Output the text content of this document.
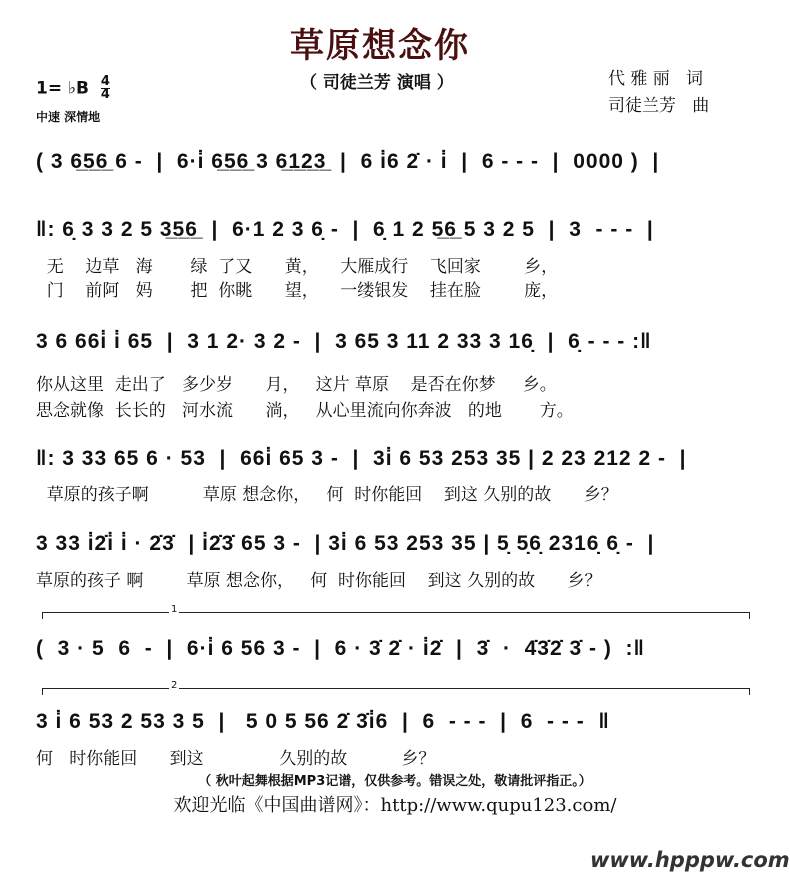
草原想念你
（ 司徒兰芳 演唱 ）	代 雅 丽   词
司徒兰芳   曲
1= ♭B $\frac{4}{4}$
中速 深情地
( 3 6̲5̲6̲ 6 -  |  6·i̇ 6̲5̲6̲ 3 6̲1̲2̲3̲  |  6 i̇6 2̇ · i̇  |  6 - - -  |  0000 )  |
‖: 6̣ 3 3 2 5 3̲5̲6̲  |  6·1 2 3 6̣ -  |  6̣ 1 2 5̲6̲ 5 3 2 5  |  3  - - -  |
无    边草   海       绿  了又      黄，    大雁成行    飞回家        乡，
门    前阿   妈       把  你眺      望，    一缕银发    挂在脸        庞，
3 6 66i̇ i̇ 65  |  3 1 2· 3 2 -  |  3 65 3 11 2 33 3 16̣  |  6̣ - - - :‖
你从这里  走出了   多少岁      月，   这片 草原    是否在你梦     乡。
思念就像  长长的   河水流      淌，   从心里流向你奔波   的地       方。
‖: 3 33 65 6 · 53  |  66i̇ 65 3 -  |  3i̇ 6 53 253 35 | 2 23 212 2 -  |
草原的孩子啊          草原 想念你，   何  时你能回    到这 久别的故      乡？
3 33 i̇2̇i̇ i̇ · 2̇3̇  | i̇2̇3̇ 65 3 -  | 3i̇ 6 53 253 35 | 5̣ 5̣6̣ 2316̣ 6̣ -  |
草原的孩子 啊        草原 想念你，   何  时你能回    到这 久别的故      乡？
1
(  3 · 5  6  -  |  6·i̇ 6 56 3 -  |  6 · 3̇ 2̇ · i̇2̇  |  3̇  ·  4̇3̇2̇ 3̇ - )  :‖
2
3 i̇ 6 53 2 53 3 5  |   5 0 5 56 2̇ 3̇i̇6  |  6  - - -  |  6  - - -  ‖
何   时你能回      到这              久别的故          乡？
（ 秋叶起舞根据MP3记谱，仅供参考。错误之处，敬请批评指正。）
欢迎光临《中国曲谱网》：http://www.qupu123.com/
www.hpppw.com
